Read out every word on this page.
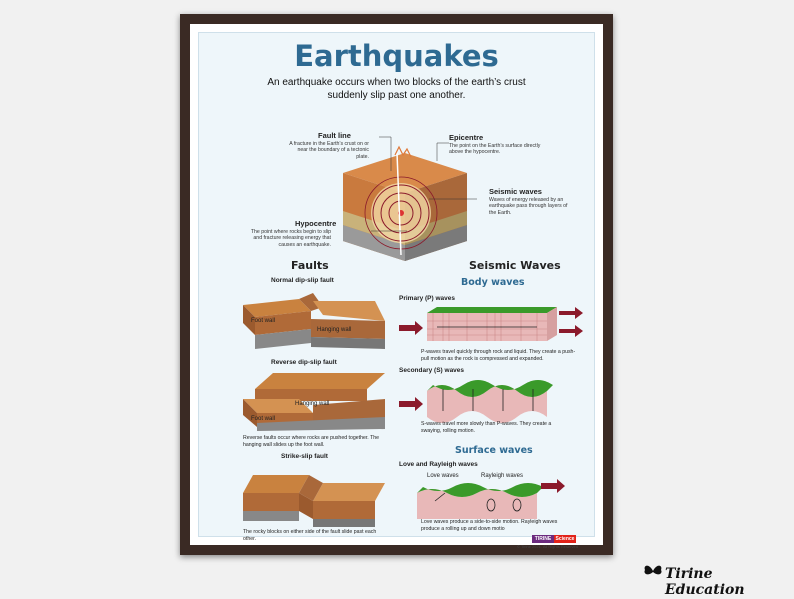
Earthquakes
An earthquake occurs when two blocks of the earth’s crust suddenly slip past one another.
Fault line
A fracture in the Earth’s crust on or near the boundary of a tectonic plate.
Epicentre
The point on the Earth’s surface directly above the hypocentre.
Seismic waves
Waves of energy released by an earthquake pass through layers of the Earth.
Hypocentre
The point where rocks begin to slip and fracture releasing energy that causes an earthquake.
Faults
Normal dip-slip fault
Foot wall
Hanging wall
Reverse dip-slip fault
Hanging wall
Foot wall
Reverse faults occur where rocks are pushed together. The hanging wall slides up the foot wall.
Strike-slip fault
The rocky blocks on either side of the fault slide past each other.
Seismic Waves
Body waves
Primary (P) waves
P-waves travel quickly through rock and liquid. They create a push-pull motion as the rock is compressed and expanded.
Secondary (S) waves
S-waves travel more slowly than P-waves. They create a swaying, rolling motion.
Surface waves
Love and Rayleigh waves
Love waves	Rayleigh waves
Love waves produce a side-to-side motion. Rayleigh waves produce a rolling up and down motio
TIRINE Science
© Tirine 2021. All Rights Reserved
Tirine Education
